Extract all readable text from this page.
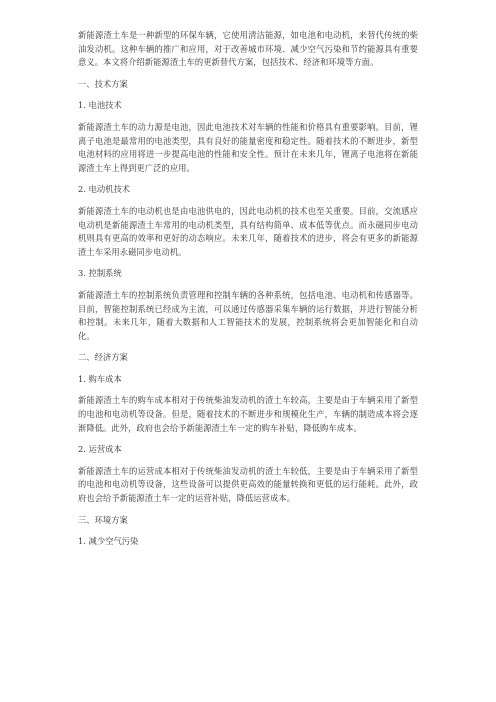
新能源渣土车是一种新型的环保车辆，它使用清洁能源，如电池和电动机，来替代传统的柴油发动机。这种车辆的推广和应用，对于改善城市环境、减少空气污染和节约能源具有重要意义。本文将介绍新能源渣土车的更新替代方案，包括技术、经济和环境等方面。

一、技术方案

1. 电池技术

新能源渣土车的动力源是电池，因此电池技术对车辆的性能和价格具有重要影响。目前，锂离子电池是最常用的电池类型，具有良好的能量密度和稳定性。随着技术的不断进步，新型电池材料的应用将进一步提高电池的性能和安全性。预计在未来几年，锂离子电池将在新能源渣土车上得到更广泛的应用。

2. 电动机技术

新能源渣土车的电动机也是由电池供电的，因此电动机的技术也至关重要。目前，交流感应电动机是新能源渣土车常用的电动机类型，具有结构简单、成本低等优点。而永磁同步电动机则具有更高的效率和更好的动态响应。未来几年，随着技术的进步，将会有更多的新能源渣土车采用永磁同步电动机。

3. 控制系统

新能源渣土车的控制系统负责管理和控制车辆的各种系统，包括电池、电动机和传感器等。目前，智能控制系统已经成为主流，可以通过传感器采集车辆的运行数据，并进行智能分析和控制。未来几年，随着大数据和人工智能技术的发展，控制系统将会更加智能化和自动化。

二、经济方案

1. 购车成本

新能源渣土车的购车成本相对于传统柴油发动机的渣土车较高，主要是由于车辆采用了新型的电池和电动机等设备。但是，随着技术的不断进步和规模化生产，车辆的制造成本将会逐渐降低。此外，政府也会给予新能源渣土车一定的购车补贴，降低购车成本。

2. 运营成本

新能源渣土车的运营成本相对于传统柴油发动机的渣土车较低，主要是由于车辆采用了新型的电池和电动机等设备，这些设备可以提供更高效的能量转换和更低的运行能耗。此外，政府也会给予新能源渣土车一定的运营补贴，降低运营成本。

三、环境方案

1. 减少空气污染
